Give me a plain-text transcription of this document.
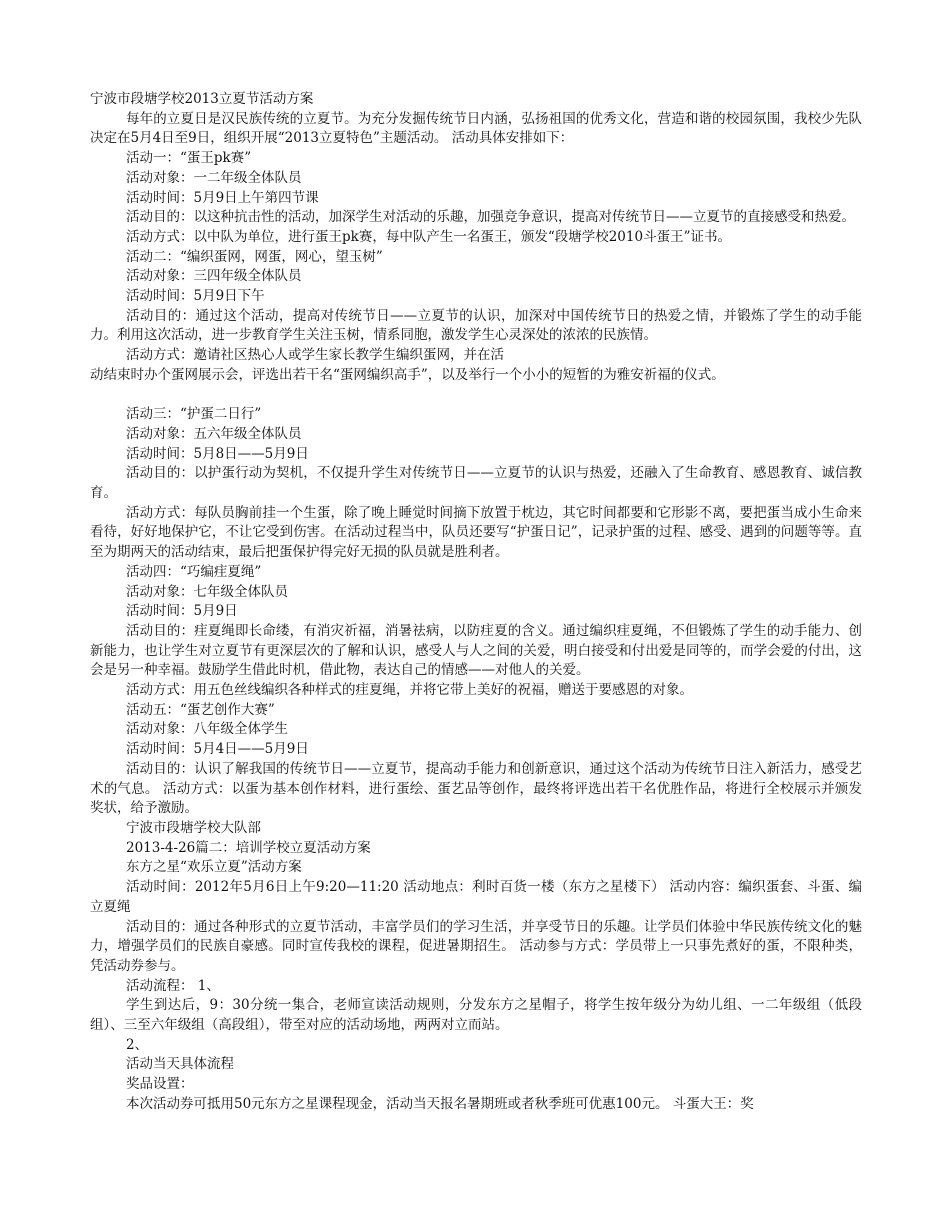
宁波市段塘学校2013立夏节活动方案

每年的立夏日是汉民族传统的立夏节。为充分发掘传统节日内涵，弘扬祖国的优秀文化，营造和谐的校园氛围，我校少先队决定在5月4日至9日，组织开展“2013立夏特色”主题活动。 活动具体安排如下：

活动一：“蛋王pk赛”

活动对象：一二年级全体队员

活动时间：5月9日上午第四节课

活动目的：以这种抗击性的活动，加深学生对活动的乐趣，加强竞争意识，提高对传统节日——立夏节的直接感受和热爱。

活动方式：以中队为单位，进行蛋王pk赛，每中队产生一名蛋王，颁发“段塘学校2010斗蛋王”证书。

活动二：“编织蛋网，网蛋，网心，望玉树”

活动对象：三四年级全体队员

活动时间：5月9日下午

活动目的：通过这个活动，提高对传统节日——立夏节的认识，加深对中国传统节日的热爱之情，并锻炼了学生的动手能力。利用这次活动，进一步教育学生关注玉树，情系同胞，激发学生心灵深处的浓浓的民族情。

活动方式：邀请社区热心人或学生家长教学生编织蛋网，并在活

动结束时办个蛋网展示会，评选出若干名“蛋网编织高手”，以及举行一个小小的短暂的为雅安祈福的仪式。

活动三：“护蛋二日行”

活动对象：五六年级全体队员

活动时间：5月8日——5月9日

活动目的：以护蛋行动为契机，不仅提升学生对传统节日——立夏节的认识与热爱，还融入了生命教育、感恩教育、诚信教育。

活动方式：每队员胸前挂一个生蛋，除了晚上睡觉时间摘下放置于枕边，其它时间都要和它形影不离，要把蛋当成小生命来看待，好好地保护它，不让它受到伤害。在活动过程当中，队员还要写“护蛋日记”，记录护蛋的过程、感受、遇到的问题等等。直至为期两天的活动结束，最后把蛋保护得完好无损的队员就是胜利者。

活动四：“巧编疰夏绳”

活动对象：七年级全体队员

活动时间：5月9日

活动目的：疰夏绳即长命缕，有消灾祈福，消暑祛病，以防疰夏的含义。通过编织疰夏绳，不但锻炼了学生的动手能力、创新能力，也让学生对立夏节有更深层次的了解和认识，感受人与人之间的关爱，明白接受和付出爱是同等的，而学会爱的付出，这会是另一种幸福。鼓励学生借此时机，借此物，表达自己的情感——对他人的关爱。

活动方式：用五色丝线编织各种样式的疰夏绳，并将它带上美好的祝福，赠送于要感恩的对象。

活动五：“蛋艺创作大赛”

活动对象：八年级全体学生

活动时间：5月4日——5月9日

活动目的：认识了解我国的传统节日——立夏节，提高动手能力和创新意识，通过这个活动为传统节日注入新活力，感受艺术的气息。 活动方式：以蛋为基本创作材料，进行蛋绘、蛋艺品等创作，最终将评选出若干名优胜作品，将进行全校展示并颁发奖状，给予激励。

宁波市段塘学校大队部

2013-4-26篇二：培训学校立夏活动方案

东方之星“欢乐立夏”活动方案

活动时间：2012年5月6日上午9:20—11:20 活动地点：利时百货一楼（东方之星楼下） 活动内容：编织蛋套、斗蛋、编立夏绳

活动目的：通过各种形式的立夏节活动，丰富学员们的学习生活，并享受节日的乐趣。让学员们体验中华民族传统文化的魅力，增强学员们的民族自豪感。同时宣传我校的课程，促进暑期招生。 活动参与方式：学员带上一只事先煮好的蛋，不限种类，凭活动券参与。

活动流程： 1、

学生到达后，9：30分统一集合，老师宣读活动规则，分发东方之星帽子，将学生按年级分为幼儿组、一二年级组（低段组）、三至六年级组（高段组），带至对应的活动场地，两两对立而站。

2、

活动当天具体流程

奖品设置：

本次活动券可抵用50元东方之星课程现金，活动当天报名暑期班或者秋季班可优惠100元。 斗蛋大王：奖
